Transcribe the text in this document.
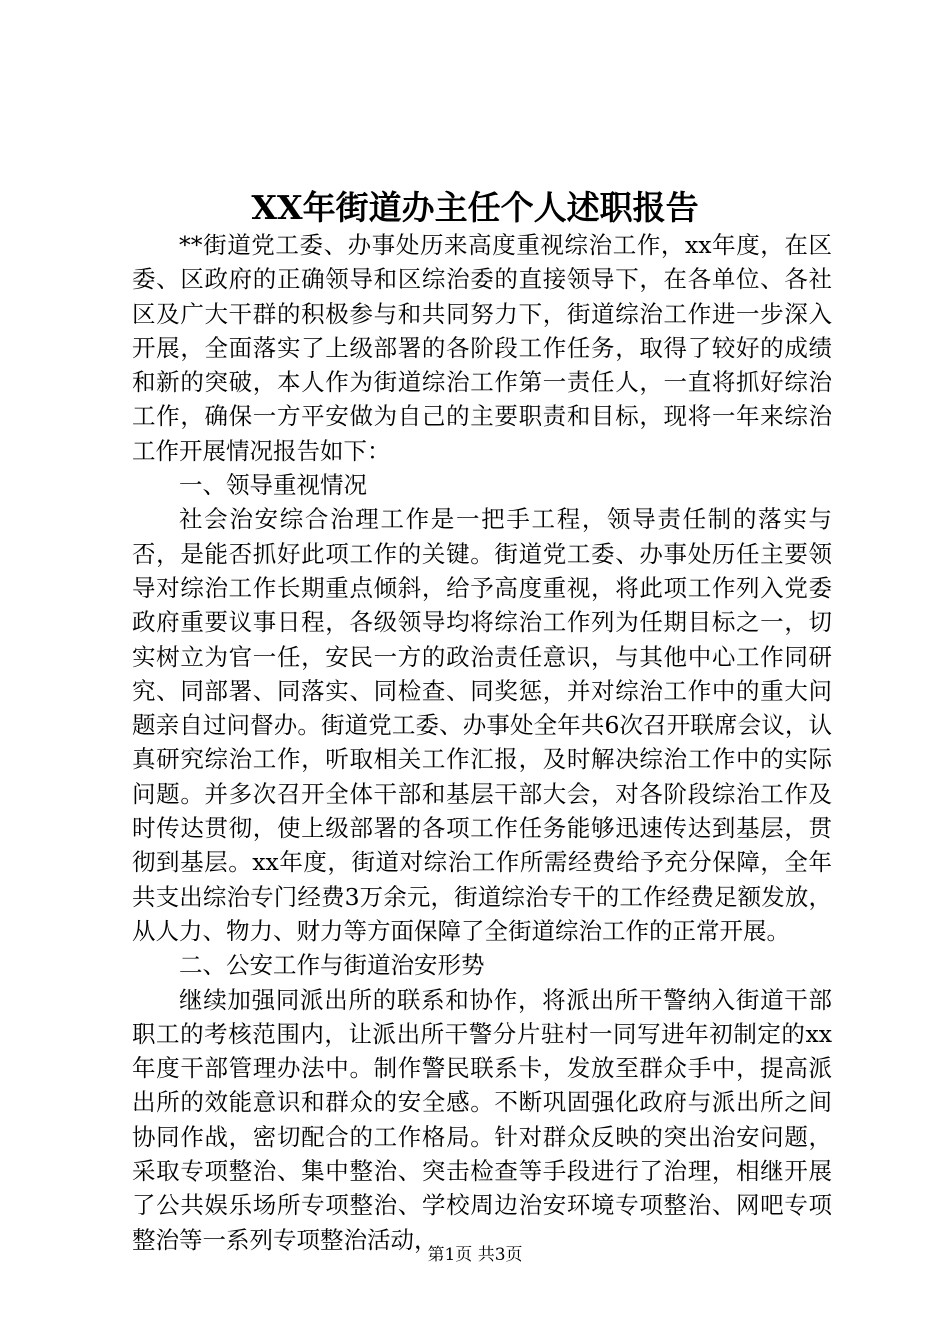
XX年街道办主任个人述职报告

**街道党工委、办事处历来高度重视综治工作，xx年度，在区委、区政府的正确领导和区综治委的直接领导下，在各单位、各社区及广大干群的积极参与和共同努力下，街道综治工作进一步深入开展，全面落实了上级部署的各阶段工作任务，取得了较好的成绩和新的突破，本人作为街道综治工作第一责任人，一直将抓好综治工作，确保一方平安做为自己的主要职责和目标，现将一年来综治工作开展情况报告如下：

一、领导重视情况

社会治安综合治理工作是一把手工程，领导责任制的落实与否，是能否抓好此项工作的关键。街道党工委、办事处历任主要领导对综治工作长期重点倾斜，给予高度重视，将此项工作列入党委政府重要议事日程，各级领导均将综治工作列为任期目标之一，切实树立为官一任，安民一方的政治责任意识，与其他中心工作同研究、同部署、同落实、同检查、同奖惩，并对综治工作中的重大问题亲自过问督办。街道党工委、办事处全年共6次召开联席会议，认真研究综治工作，听取相关工作汇报，及时解决综治工作中的实际问题。并多次召开全体干部和基层干部大会，对各阶段综治工作及时传达贯彻，使上级部署的各项工作任务能够迅速传达到基层，贯彻到基层。xx年度，街道对综治工作所需经费给予充分保障，全年共支出综治专门经费3万余元，街道综治专干的工作经费足额发放，从人力、物力、财力等方面保障了全街道综治工作的正常开展。

二、公安工作与街道治安形势

继续加强同派出所的联系和协作，将派出所干警纳入街道干部职工的考核范围内，让派出所干警分片驻村一同写进年初制定的xx年度干部管理办法中。制作警民联系卡，发放至群众手中，提高派出所的效能意识和群众的安全感。不断巩固强化政府与派出所之间协同作战，密切配合的工作格局。针对群众反映的突出治安问题，采取专项整治、集中整治、突击检查等手段进行了治理，相继开展了公共娱乐场所专项整治、学校周边治安环境专项整治、网吧专项整治等一系列专项整治活动，

第1页 共3页
